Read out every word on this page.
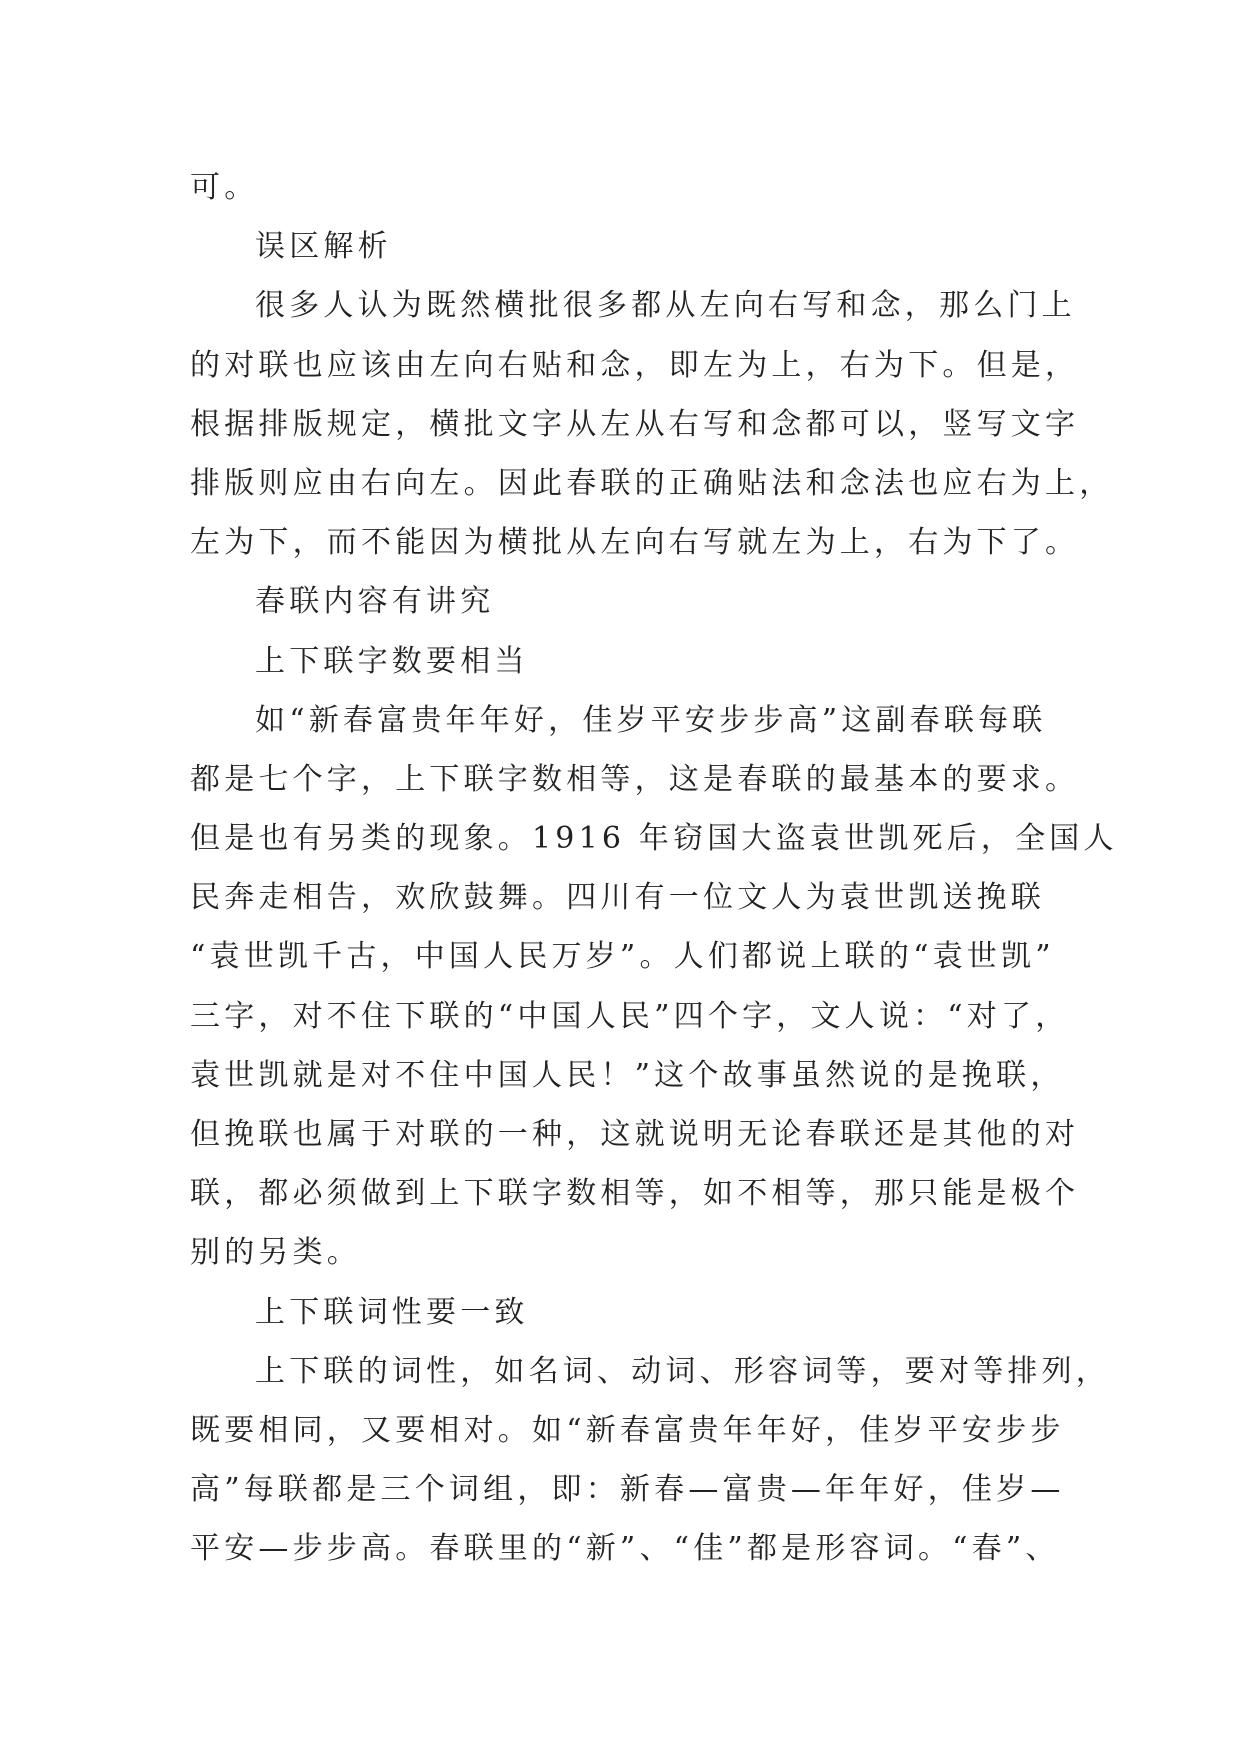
可。
误区解析
很多人认为既然横批很多都从左向右写和念，那么门上
的对联也应该由左向右贴和念，即左为上，右为下。但是，
根据排版规定，横批文字从左从右写和念都可以，竖写文字
排版则应由右向左。因此春联的正确贴法和念法也应右为上，
左为下，而不能因为横批从左向右写就左为上，右为下了。
春联内容有讲究
上下联字数要相当
如“新春富贵年年好，佳岁平安步步高”这副春联每联
都是七个字，上下联字数相等，这是春联的最基本的要求。
但是也有另类的现象。1916 年窃国大盗袁世凯死后，全国人
民奔走相告，欢欣鼓舞。四川有一位文人为袁世凯送挽联
“袁世凯千古，中国人民万岁”。人们都说上联的“袁世凯”
三字，对不住下联的“中国人民”四个字，文人说：“对了，
袁世凯就是对不住中国人民！”这个故事虽然说的是挽联，
但挽联也属于对联的一种，这就说明无论春联还是其他的对
联，都必须做到上下联字数相等，如不相等，那只能是极个
别的另类。
上下联词性要一致
上下联的词性，如名词、动词、形容词等，要对等排列，
既要相同，又要相对。如“新春富贵年年好，佳岁平安步步
高”每联都是三个词组，即：新春—富贵—年年好，佳岁—
平安—步步高。春联里的“新”、“佳”都是形容词。“春”、
